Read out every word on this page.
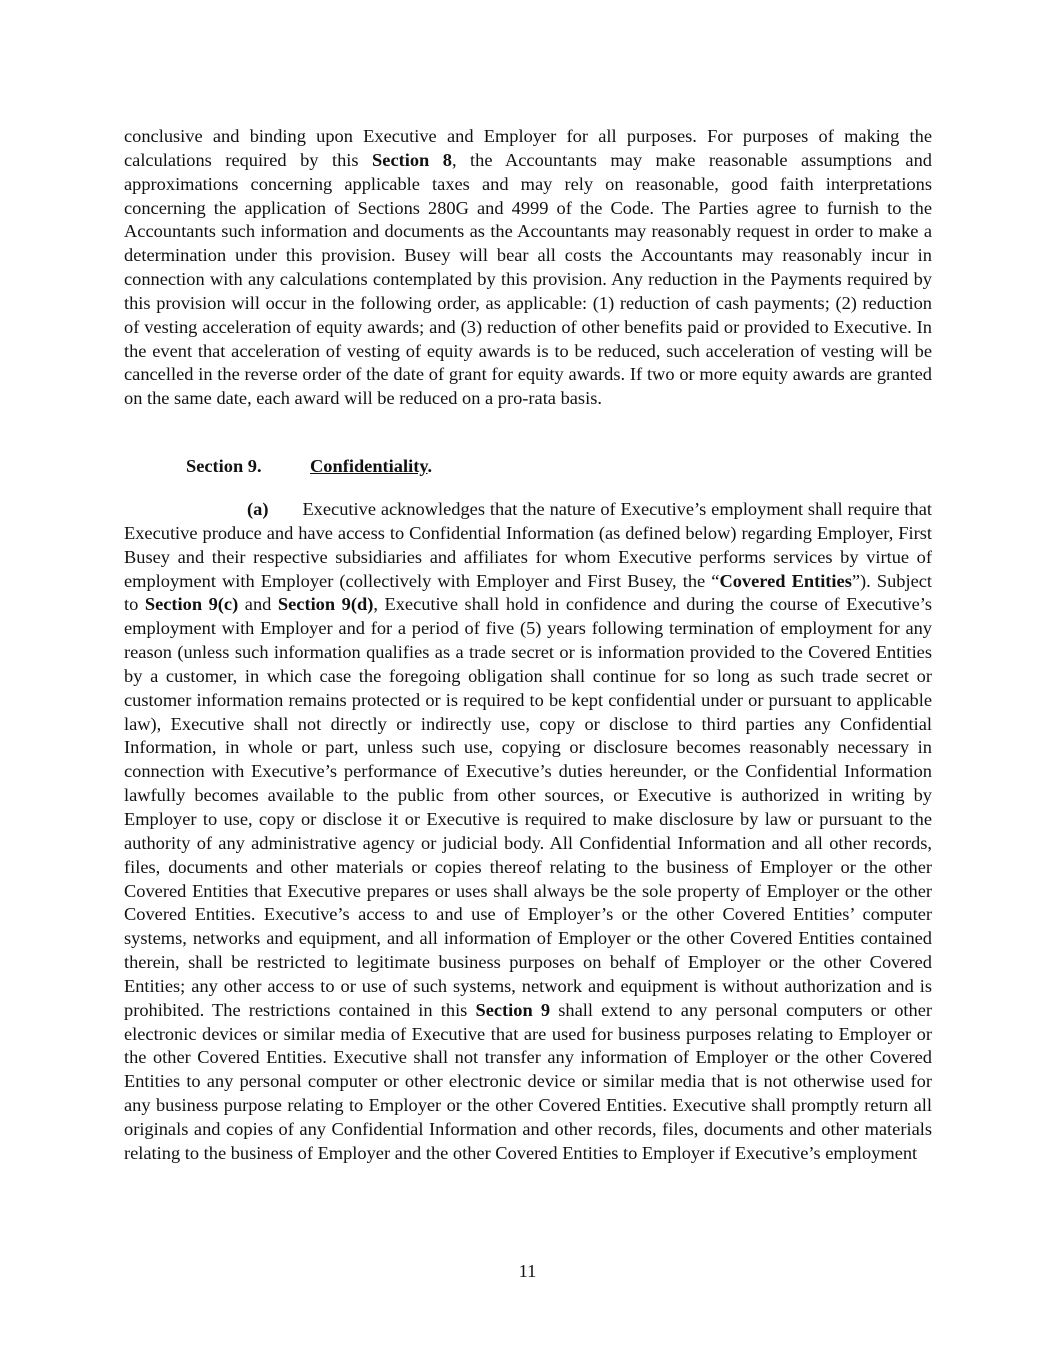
conclusive and binding upon Executive and Employer for all purposes. For purposes of making the calculations required by this Section 8, the Accountants may make reasonable assumptions and approximations concerning applicable taxes and may rely on reasonable, good faith interpretations concerning the application of Sections 280G and 4999 of the Code. The Parties agree to furnish to the Accountants such information and documents as the Accountants may reasonably request in order to make a determination under this provision. Busey will bear all costs the Accountants may reasonably incur in connection with any calculations contemplated by this provision. Any reduction in the Payments required by this provision will occur in the following order, as applicable: (1) reduction of cash payments; (2) reduction of vesting acceleration of equity awards; and (3) reduction of other benefits paid or provided to Executive. In the event that acceleration of vesting of equity awards is to be reduced, such acceleration of vesting will be cancelled in the reverse order of the date of grant for equity awards. If two or more equity awards are granted on the same date, each award will be reduced on a pro-rata basis.

Section 9.	Confidentiality.

(a) Executive acknowledges that the nature of Executive’s employment shall require that Executive produce and have access to Confidential Information (as defined below) regarding Employer, First Busey and their respective subsidiaries and affiliates for whom Executive performs services by virtue of employment with Employer (collectively with Employer and First Busey, the “Covered Entities”). Subject to Section 9(c) and Section 9(d), Executive shall hold in confidence and during the course of Executive’s employment with Employer and for a period of five (5) years following termination of employment for any reason (unless such information qualifies as a trade secret or is information provided to the Covered Entities by a customer, in which case the foregoing obligation shall continue for so long as such trade secret or customer information remains protected or is required to be kept confidential under or pursuant to applicable law), Executive shall not directly or indirectly use, copy or disclose to third parties any Confidential Information, in whole or part, unless such use, copying or disclosure becomes reasonably necessary in connection with Executive’s performance of Executive’s duties hereunder, or the Confidential Information lawfully becomes available to the public from other sources, or Executive is authorized in writing by Employer to use, copy or disclose it or Executive is required to make disclosure by law or pursuant to the authority of any administrative agency or judicial body. All Confidential Information and all other records, files, documents and other materials or copies thereof relating to the business of Employer or the other Covered Entities that Executive prepares or uses shall always be the sole property of Employer or the other Covered Entities. Executive’s access to and use of Employer’s or the other Covered Entities’ computer systems, networks and equipment, and all information of Employer or the other Covered Entities contained therein, shall be restricted to legitimate business purposes on behalf of Employer or the other Covered Entities; any other access to or use of such systems, network and equipment is without authorization and is prohibited. The restrictions contained in this Section 9 shall extend to any personal computers or other electronic devices or similar media of Executive that are used for business purposes relating to Employer or the other Covered Entities. Executive shall not transfer any information of Employer or the other Covered Entities to any personal computer or other electronic device or similar media that is not otherwise used for any business purpose relating to Employer or the other Covered Entities. Executive shall promptly return all originals and copies of any Confidential Information and other records, files, documents and other materials relating to the business of Employer and the other Covered Entities to Employer if Executive’s employment

11
